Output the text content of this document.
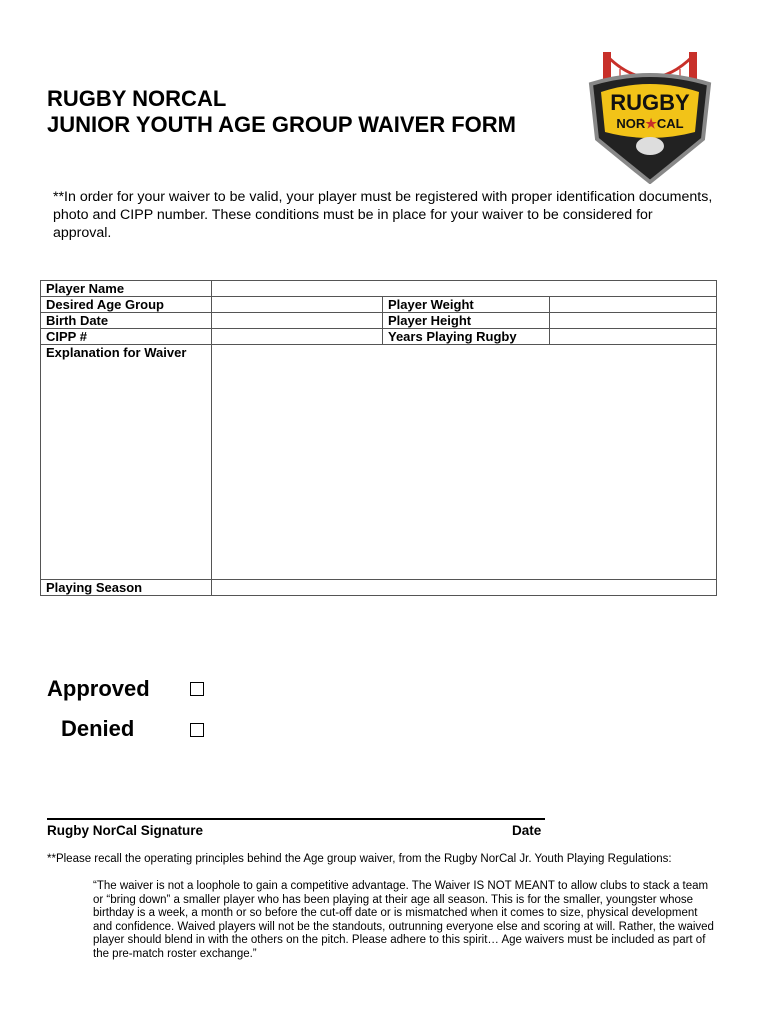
RUGBY NORCAL
JUNIOR YOUTH AGE GROUP WAIVER FORM
RUGBY
NOR★CAL
**In order for your waiver to be valid, your player must be registered with proper identification documents, photo and CIPP number. These conditions must be in place for your waiver to be considered for approval.
Player Name			
Desired Age Group		Player Weight	
Birth Date		Player Height	
CIPP #		Years Playing Rugby	
Explanation for Waiver			
Playing Season			
Approved
Denied
Rugby NorCal Signature	Date
**Please recall the operating principles behind the Age group waiver, from the Rugby NorCal Jr. Youth Playing Regulations:
“The waiver is not a loophole to gain a competitive advantage. The Waiver IS NOT MEANT to allow clubs to stack a team or “bring down” a smaller player who has been playing at their age all season. This is for the smaller, youngster whose birthday is a week, a month or so before the cut-off date or is mismatched when it comes to size, physical development and confidence. Waived players will not be the standouts, outrunning everyone else and scoring at will. Rather, the waived player should blend in with the others on the pitch. Please adhere to this spirit… Age waivers must be included as part of the pre-match roster exchange.”
